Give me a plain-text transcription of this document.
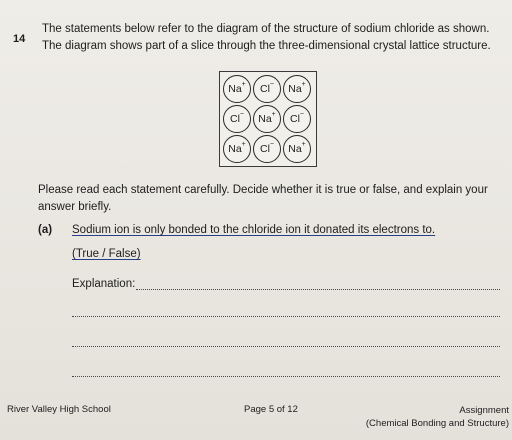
14
The statements below refer to the diagram of the structure of sodium chloride as shown.
The diagram shows part of a slice through the three-dimensional crystal lattice structure.
Na+ Cl− Na+
Cl− Na+ Cl−
Na+ Cl− Na+
Please read each statement carefully. Decide whether it is true or false, and explain your answer briefly.
(a) Sodium ion is only bonded to the chloride ion it donated its electrons to.
(True / False)
Explanation:
River Valley High School	Page 5 of 12	Assignment
(Chemical Bonding and Structure)
